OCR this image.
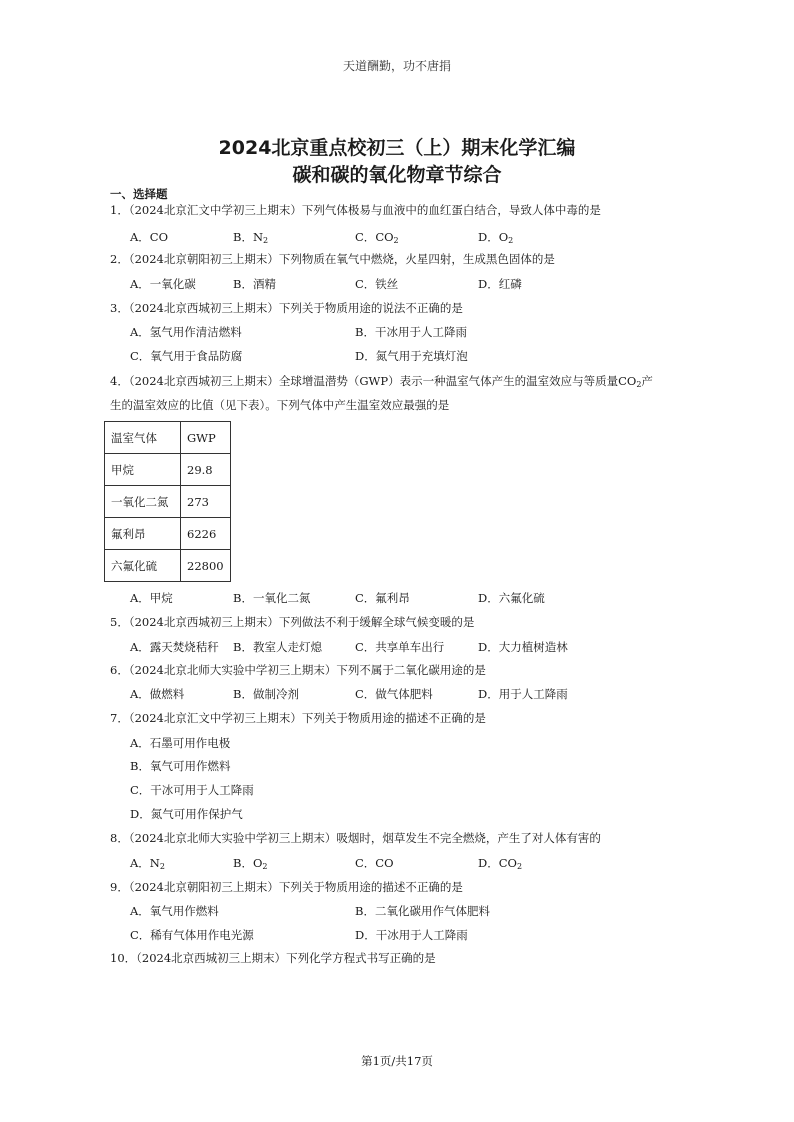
天道酬勤，功不唐捐
2024北京重点校初三（上）期末化学汇编
碳和碳的氧化物章节综合
一、选择题
1．（2024北京汇文中学初三上期末）下列气体极易与血液中的血红蛋白结合，导致人体中毒的是
A．CO	B．$N_2$	C．$CO_2$	D．$O_2$
2．（2024北京朝阳初三上期末）下列物质在氧气中燃烧，火星四射，生成黑色固体的是
A．一氧化碳	B．酒精	C．铁丝	D．红磷
3．（2024北京西城初三上期末）下列关于物质用途的说法不正确的是
A．氢气用作清洁燃料	B．干冰用于人工降雨
C．氧气用于食品防腐	D．氮气用于充填灯泡
4．（2024北京西城初三上期末）全球增温潜势（GWP）表示一种温室气体产生的温室效应与等质量$CO_2$产
生的温室效应的比值（见下表）。下列气体中产生温室效应最强的是
温室气体	GWP
甲烷	29.8
一氧化二氮	273
氟利昂	6226
六氟化硫	22800
A．甲烷	B．一氧化二氮	C．氟利昂	D．六氟化硫
5．（2024北京西城初三上期末）下列做法不利于缓解全球气候变暖的是
A．露天焚烧秸秆 B．教室人走灯熄	C．共享单车出行	D．大力植树造林
6．（2024北京北师大实验中学初三上期末）下列不属于二氧化碳用途的是
A．做燃料	B．做制冷剂	C．做气体肥料	D．用于人工降雨
7．（2024北京汇文中学初三上期末）下列关于物质用途的描述不正确的是
A．石墨可用作电极
B．氧气可用作燃料
C．干冰可用于人工降雨
D．氮气可用作保护气
8．（2024北京北师大实验中学初三上期末）吸烟时，烟草发生不完全燃烧，产生了对人体有害的
A．$N_2$	B．$O_2$	C．CO	D．$CO_2$
9．（2024北京朝阳初三上期末）下列关于物质用途的描述不正确的是
A．氧气用作燃料	B．二氧化碳用作气体肥料
C．稀有气体用作电光源	D．干冰用于人工降雨
10．（2024北京西城初三上期末）下列化学方程式书写正确的是
第1页/共17页
